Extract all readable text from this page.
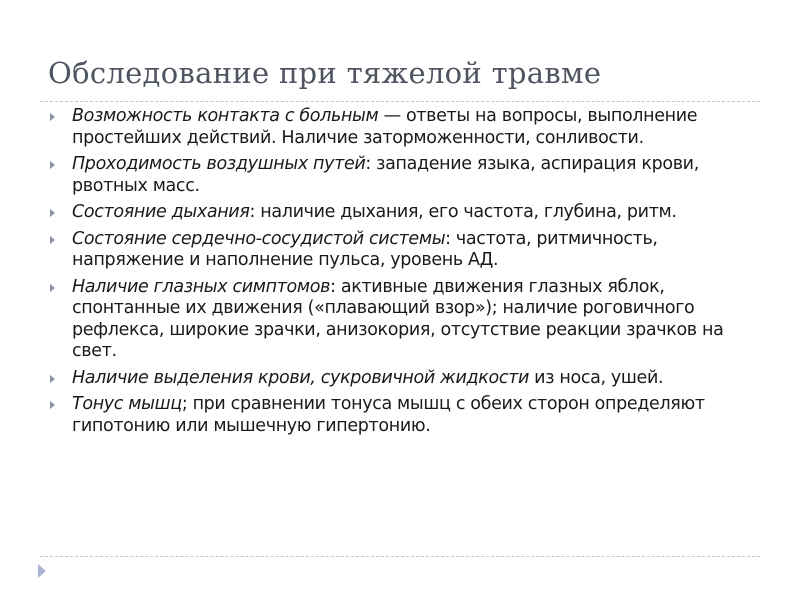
Обследование при тяжелой травме
Возможность контакта с больным — ответы на вопросы, выполнение простейших действий. Наличие заторможенности, сонливости.
Проходимость воздушных путей: западение языка, аспирация крови, рвотных масс.
Состояние дыхания: наличие дыхания, его частота, глубина, ритм.
Состояние сердечно-сосудистой системы: частота, ритмичность, напряжение и наполнение пульса, уровень АД.
Наличие глазных симптомов: активные движения глазных яблок, спонтанные их движения («плавающий взор»); наличие роговичного рефлекса, широкие зрачки, анизокория, отсутствие реакции зрачков на свет.
Наличие выделения крови, сукровичной жидкости из носа, ушей.
Тонус мышц; при сравнении тонуса мышц с обеих сторон определяют гипотонию или мышечную гипертонию.
